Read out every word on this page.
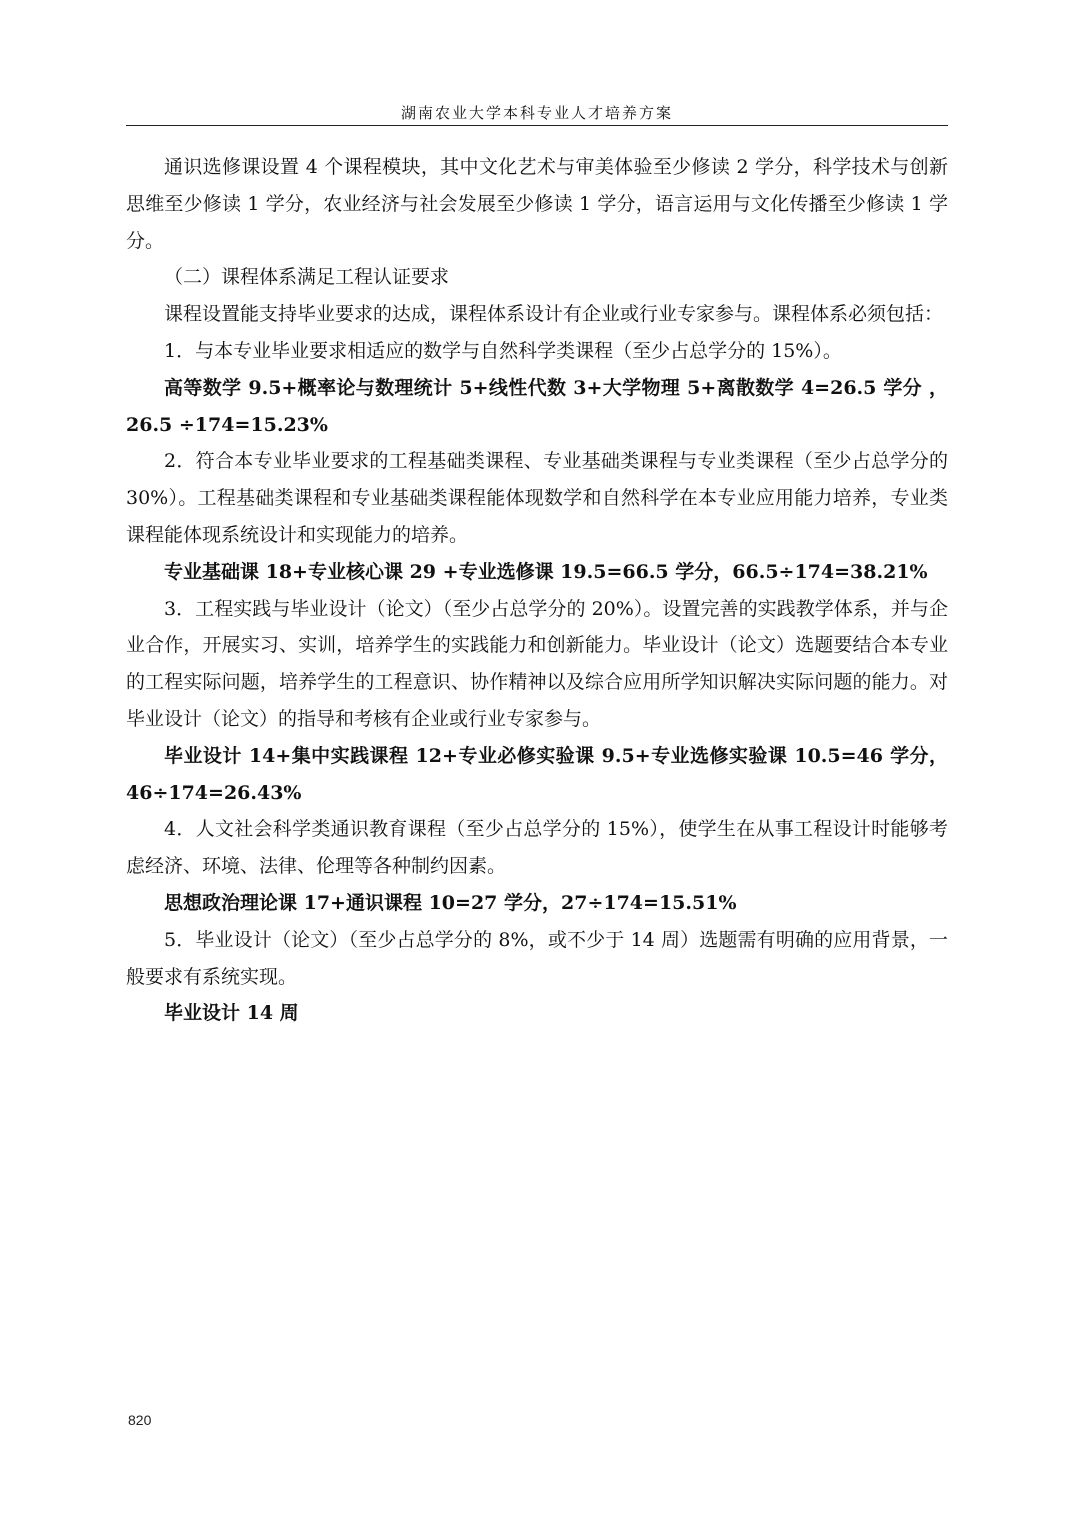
湖南农业大学本科专业人才培养方案

通识选修课设置 4 个课程模块，其中文化艺术与审美体验至少修读 2 学分，科学技术与创新思维至少修读 1 学分，农业经济与社会发展至少修读 1 学分，语言运用与文化传播至少修读 1 学分。

（二）课程体系满足工程认证要求

课程设置能支持毕业要求的达成，课程体系设计有企业或行业专家参与。课程体系必须包括：

1．与本专业毕业要求相适应的数学与自然科学类课程（至少占总学分的 15%）。

高等数学 9.5+概率论与数理统计 5+线性代数 3+大学物理 5+离散数学 4=26.5 学分 ，26.5 ÷174=15.23%

2．符合本专业毕业要求的工程基础类课程、专业基础类课程与专业类课程（至少占总学分的 30%）。工程基础类课程和专业基础类课程能体现数学和自然科学在本专业应用能力培养，专业类课程能体现系统设计和实现能力的培养。

专业基础课 18+专业核心课 29 +专业选修课 19.5=66.5 学分，66.5÷174=38.21%

3．工程实践与毕业设计（论文）（至少占总学分的 20%）。设置完善的实践教学体系，并与企业合作，开展实习、实训，培养学生的实践能力和创新能力。毕业设计（论文）选题要结合本专业的工程实际问题，培养学生的工程意识、协作精神以及综合应用所学知识解决实际问题的能力。对毕业设计（论文）的指导和考核有企业或行业专家参与。

毕业设计 14+集中实践课程 12+专业必修实验课 9.5+专业选修实验课 10.5=46 学分，46÷174=26.43%

4．人文社会科学类通识教育课程（至少占总学分的 15%），使学生在从事工程设计时能够考虑经济、环境、法律、伦理等各种制约因素。

思想政治理论课 17+通识课程 10=27 学分，27÷174=15.51%

5．毕业设计（论文）（至少占总学分的 8%，或不少于 14 周）选题需有明确的应用背景，一般要求有系统实现。

毕业设计 14 周

820
